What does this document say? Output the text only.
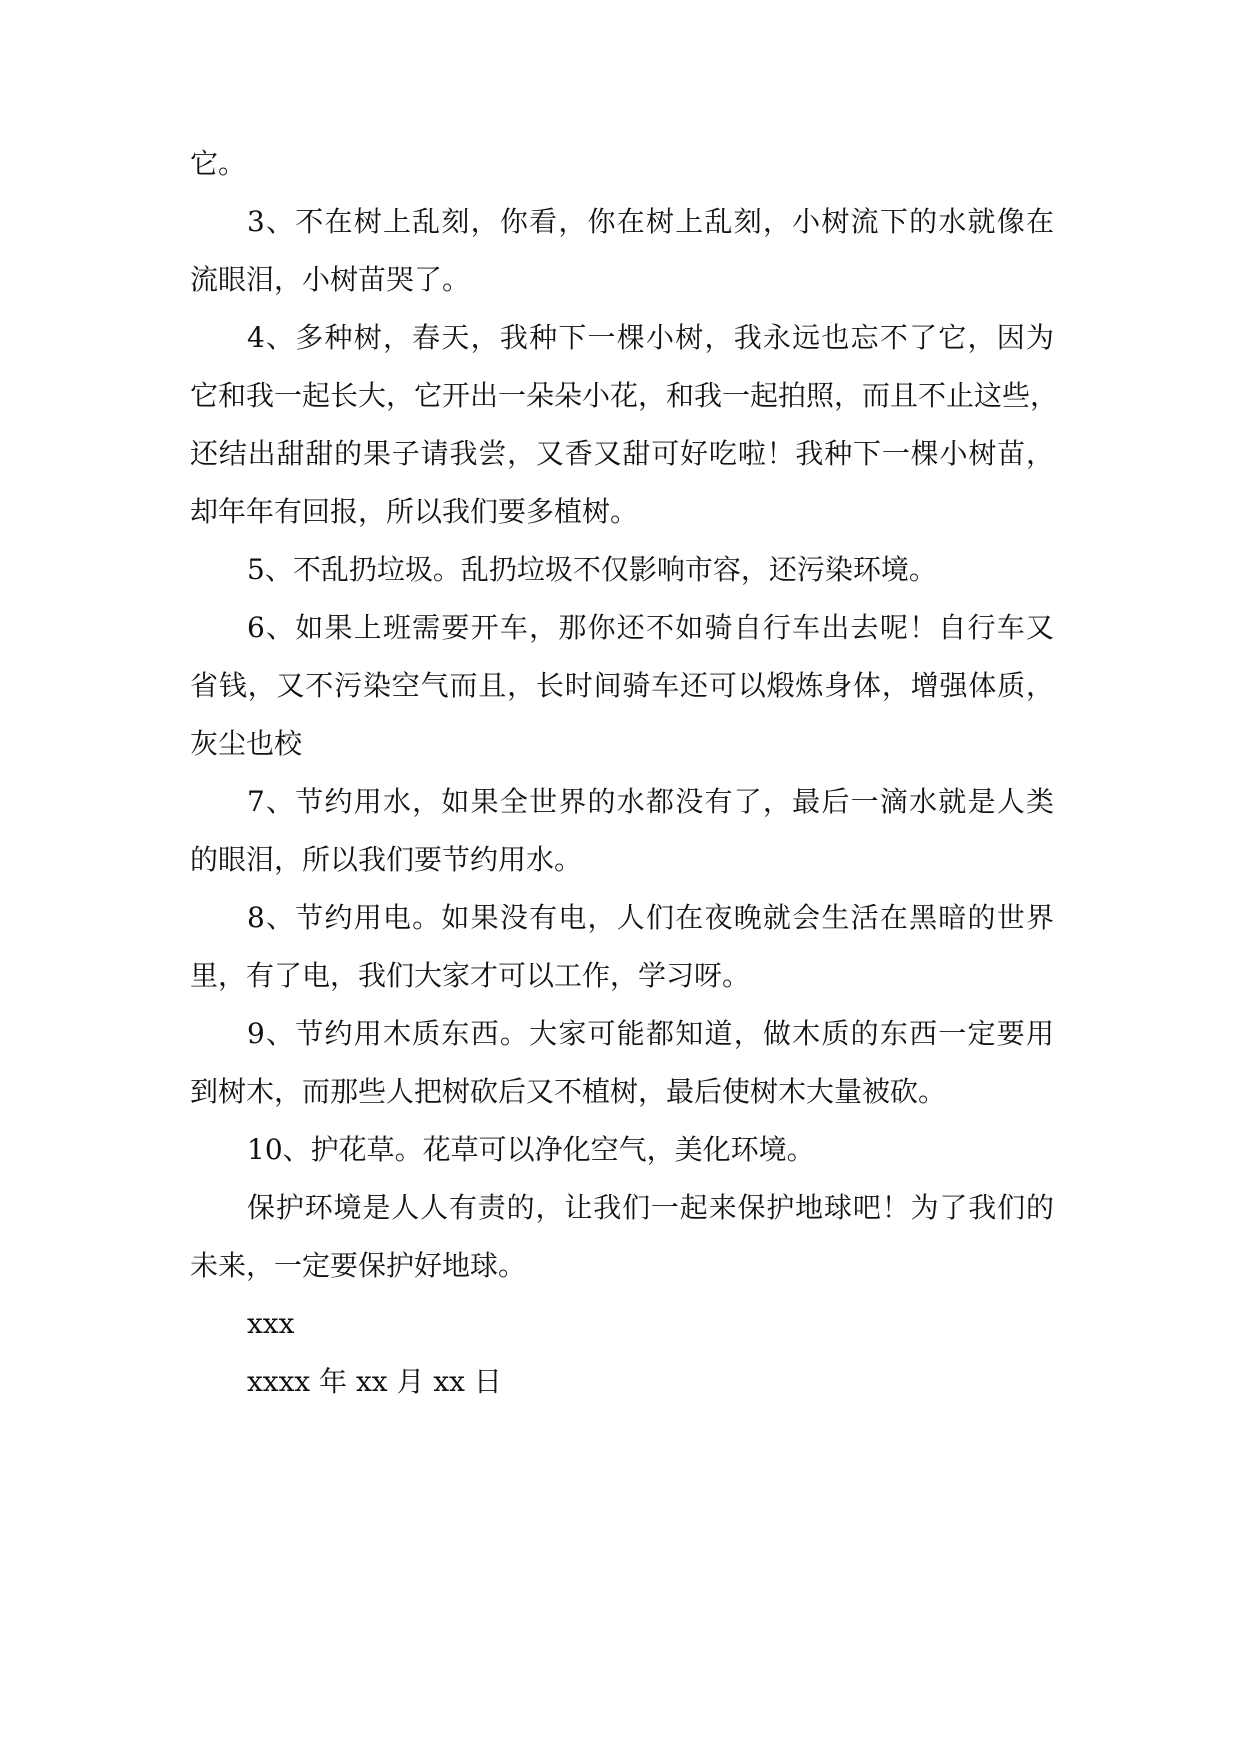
它。

3、不在树上乱刻，你看，你在树上乱刻，小树流下的水就像在

流眼泪，小树苗哭了。

4、多种树，春天，我种下一棵小树，我永远也忘不了它，因为

它和我一起长大，它开出一朵朵小花，和我一起拍照，而且不止这些，

还结出甜甜的果子请我尝，又香又甜可好吃啦！我种下一棵小树苗，

却年年有回报，所以我们要多植树。

5、不乱扔垃圾。乱扔垃圾不仅影响市容，还污染环境。

6、如果上班需要开车，那你还不如骑自行车出去呢！自行车又

省钱，又不污染空气而且，长时间骑车还可以煅炼身体，增强体质，

灰尘也校

7、节约用水，如果全世界的水都没有了，最后一滴水就是人类

的眼泪，所以我们要节约用水。

8、节约用电。如果没有电，人们在夜晚就会生活在黑暗的世界

里，有了电，我们大家才可以工作，学习呀。

9、节约用木质东西。大家可能都知道，做木质的东西一定要用

到树木，而那些人把树砍后又不植树，最后使树木大量被砍。

10、护花草。花草可以净化空气，美化环境。

保护环境是人人有责的，让我们一起来保护地球吧！为了我们的

未来，一定要保护好地球。

xxx

xxxx 年 xx 月 xx 日
